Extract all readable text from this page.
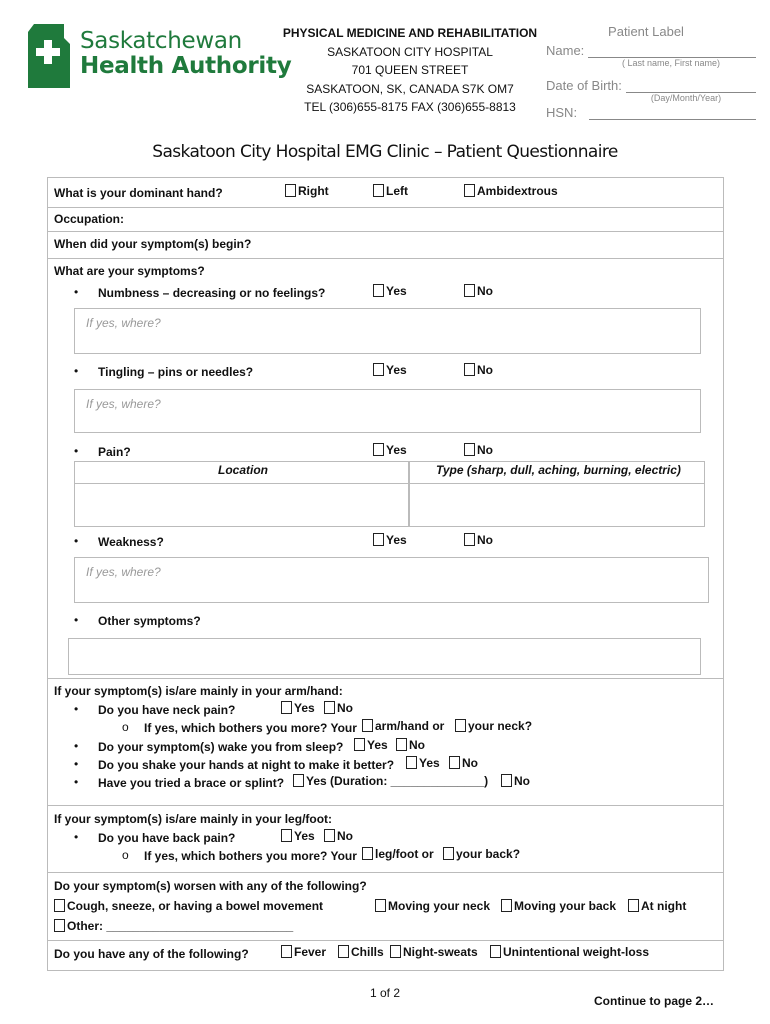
Saskatchewan
Health Authority
PHYSICAL MEDICINE AND REHABILITATION
SASKATOON CITY HOSPITAL
701 QUEEN STREET
SASKATOON, SK, CANADA S7K OM7
TEL (306)655-8175 FAX (306)655-8813
Patient Label
Name:
( Last name, First name)
Date of Birth:
(Day/Month/Year)
HSN:
Saskatoon City Hospital EMG Clinic – Patient Questionnaire
What is your dominant hand?	Right	Left	Ambidextrous
Occupation:
When did your symptom(s) begin?
What are your symptoms?
• Numbness – decreasing or no feelings?	Yes	No
If yes, where?
• Tingling – pins or needles?	Yes	No
If yes, where?
• Pain?	Yes	No
Location	Type (sharp, dull, aching, burning, electric)
• Weakness?	Yes	No
If yes, where?
• Other symptoms?
If your symptom(s) is/are mainly in your arm/hand:
• Do you have neck pain?	Yes	No
o If yes, which bothers you more? Your	arm/hand or	your neck?
• Do your symptom(s) wake you from sleep?	Yes	No
• Do you shake your hands at night to make it better?	Yes	No
• Have you tried a brace or splint?	Yes (Duration: ______________)	No
If your symptom(s) is/are mainly in your leg/foot:
• Do you have back pain?	Yes	No
o If yes, which bothers you more? Your	leg/foot or	your back?
Do your symptom(s) worsen with any of the following?
Cough, sneeze, or having a bowel movement	Moving your neck	Moving your back	At night
Other: ____________________________
Do you have any of the following?	Fever	Chills	Night-sweats	Unintentional weight-loss
1 of 2
Continue to page 2…
